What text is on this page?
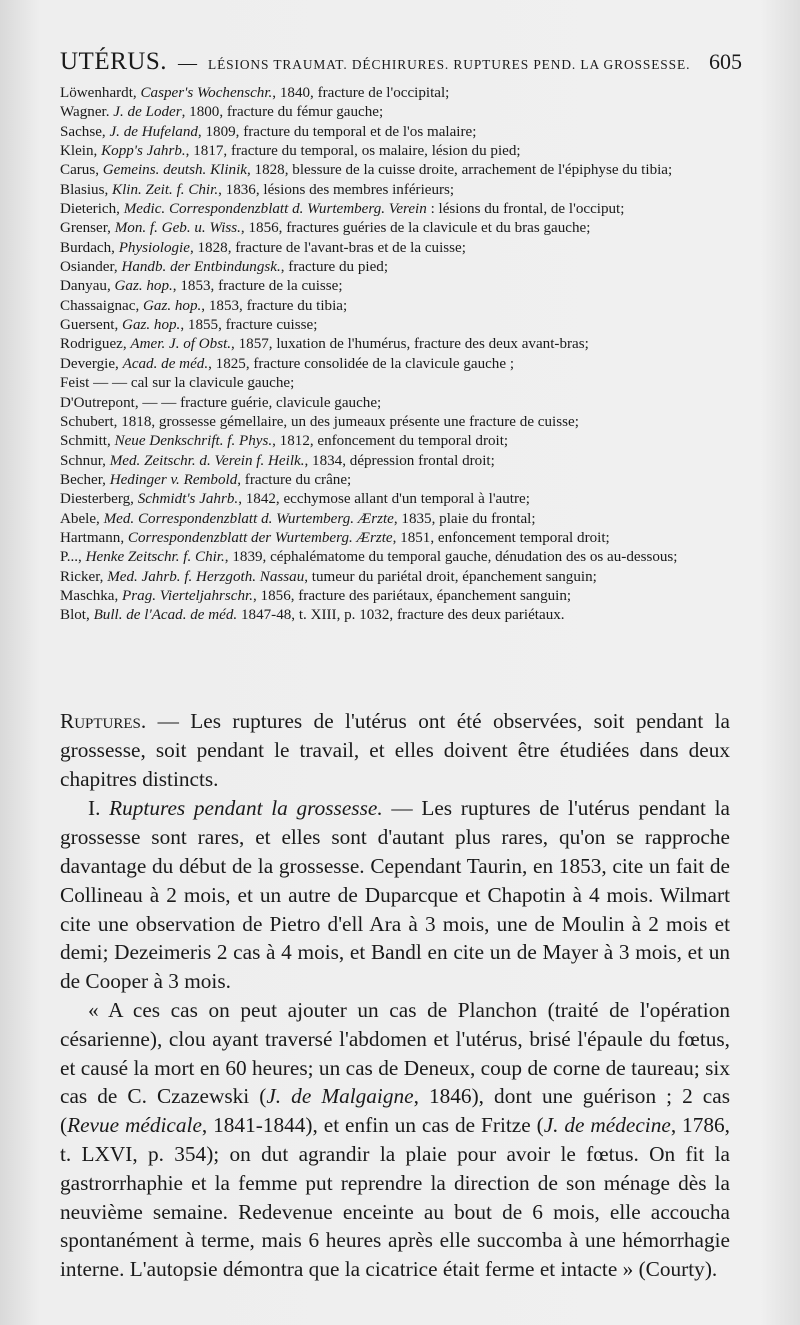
UTÉRUS. — LÉSIONS TRAUMAT. DÉCHIRURES. RUPTURES PEND. LA GROSSESSE. 605
Löwenhardt, Casper's Wochenschr., 1840, fracture de l'occipital;
Wagner. J. de Loder, 1800, fracture du fémur gauche;
Sachse, J. de Hufeland, 1809, fracture du temporal et de l'os malaire;
Klein, Kopp's Jahrb., 1817, fracture du temporal, os malaire, lésion du pied;
Carus, Gemeins. deutsh. Klinik, 1828, blessure de la cuisse droite, arrachement de l'épiphyse du tibia;
Blasius, Klin. Zeit. f. Chir., 1836, lésions des membres inférieurs;
Dieterich, Medic. Correspondenzblatt d. Wurtemberg. Verein : lésions du frontal, de l'occiput;
Grenser, Mon. f. Geb. u. Wiss., 1856, fractures guéries de la clavicule et du bras gauche;
Burdach, Physiologie, 1828, fracture de l'avant-bras et de la cuisse;
Osiander, Handb. der Entbindungsk., fracture du pied;
Danyau, Gaz. hop., 1853, fracture de la cuisse;
Chassaignac, Gaz. hop., 1853, fracture du tibia;
Guersent, Gaz. hop., 1855, fracture cuisse;
Rodriguez, Amer. J. of Obst., 1857, luxation de l'humérus, fracture des deux avant-bras;
Devergie, Acad. de méd., 1825, fracture consolidée de la clavicule gauche ;
Feist — — cal sur la clavicule gauche;
D'Outrepont, — — fracture guérie, clavicule gauche;
Schubert, 1818, grossesse gémellaire, un des jumeaux présente une fracture de cuisse;
Schmitt, Neue Denkschrift. f. Phys., 1812, enfoncement du temporal droit;
Schnur, Med. Zeitschr. d. Verein f. Heilk., 1834, dépression frontal droit;
Becher, Hedinger v. Rembold, fracture du crâne;
Diesterberg, Schmidt's Jahrb., 1842, ecchymose allant d'un temporal à l'autre;
Abele, Med. Correspondenzblatt d. Wurtemberg. Ærzte, 1835, plaie du frontal;
Hartmann, Correspondenzblatt der Wurtemberg. Ærzte, 1851, enfoncement temporal droit;
P..., Henke Zeitschr. f. Chir., 1839, céphalématome du temporal gauche, dénudation des os au-dessous;
Ricker, Med. Jahrb. f. Herzgoth. Nassau, tumeur du pariétal droit, épanchement sanguin;
Maschka, Prag. Vierteljahrschr., 1856, fracture des pariétaux, épanchement sanguin;
Blot, Bull. de l'Acad. de méd. 1847-48, t. XIII, p. 1032, fracture des deux pariétaux.

Ruptures. — Les ruptures de l'utérus ont été observées, soit pendant la grossesse, soit pendant le travail, et elles doivent être étudiées dans deux chapitres distincts.

I. Ruptures pendant la grossesse. — Les ruptures de l'utérus pendant la grossesse sont rares, et elles sont d'autant plus rares, qu'on se rapproche davantage du début de la grossesse. Cependant Taurin, en 1853, cite un fait de Collineau à 2 mois, et un autre de Duparcque et Chapotin à 4 mois. Wilmart cite une observation de Pietro d'ell Ara à 3 mois, une de Moulin à 2 mois et demi; Dezeimeris 2 cas à 4 mois, et Bandl en cite un de Mayer à 3 mois, et un de Cooper à 3 mois.

« A ces cas on peut ajouter un cas de Planchon (traité de l'opération césarienne), clou ayant traversé l'abdomen et l'utérus, brisé l'épaule du fœtus, et causé la mort en 60 heures; un cas de Deneux, coup de corne de taureau; six cas de C. Czazewski (J. de Malgaigne, 1846), dont une guérison ; 2 cas (Revue médicale, 1841-1844), et enfin un cas de Fritze (J. de médecine, 1786, t. LXVI, p. 354); on dut agrandir la plaie pour avoir le fœtus. On fit la gastrorrhaphie et la femme put reprendre la direction de son ménage dès la neuvième semaine. Redevenue enceinte au bout de 6 mois, elle accoucha spontanément à terme, mais 6 heures après elle succomba à une hémorrhagie interne. L'autopsie démontra que la cicatrice était ferme et intacte » (Courty).
